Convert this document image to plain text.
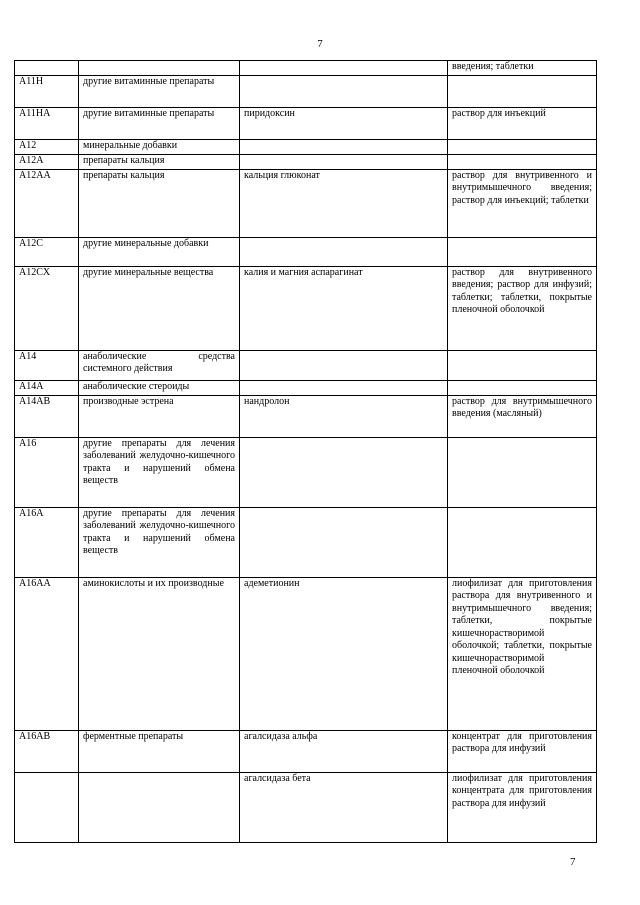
7
			введения; таблетки
A11H	другие витаминные препараты		
A11HA	другие витаминные препараты	пиридоксин	раствор для инъекций
A12	минеральные добавки		
A12A	препараты кальция		
A12AA	препараты кальция	кальция глюконат	раствор для внутривенного и внутримышечного введения; раствор для инъекций; таблетки
A12C	другие минеральные добавки		
A12CX	другие минеральные вещества	калия и магния аспарагинат	раствор для внутривенного введения; раствор для инфузий; таблетки; таблетки, покрытые пленочной оболочкой
A14	анаболические средства системного действия		
A14A	анаболические стероиды		
A14AB	производные эстрена	нандролон	раствор для внутримышечного введения (масляный)
A16	другие препараты для лечения заболеваний желудочно-кишечного тракта и нарушений обмена веществ		
A16A	другие препараты для лечения заболеваний желудочно-кишечного тракта и нарушений обмена веществ		
A16AA	аминокислоты и их производные	адеметионин	лиофилизат для приготовления раствора для внутривенного и внутримышечного введения; таблетки, покрытые кишечнорастворимой оболочкой; таблетки, покрытые кишечнорастворимой пленочной оболочкой
A16AB	ферментные препараты	агалсидаза альфа	концентрат для приготовления раствора для инфузий
		агалсидаза бета	лиофилизат для приготовления концентрата для приготовления раствора для инфузий
7
